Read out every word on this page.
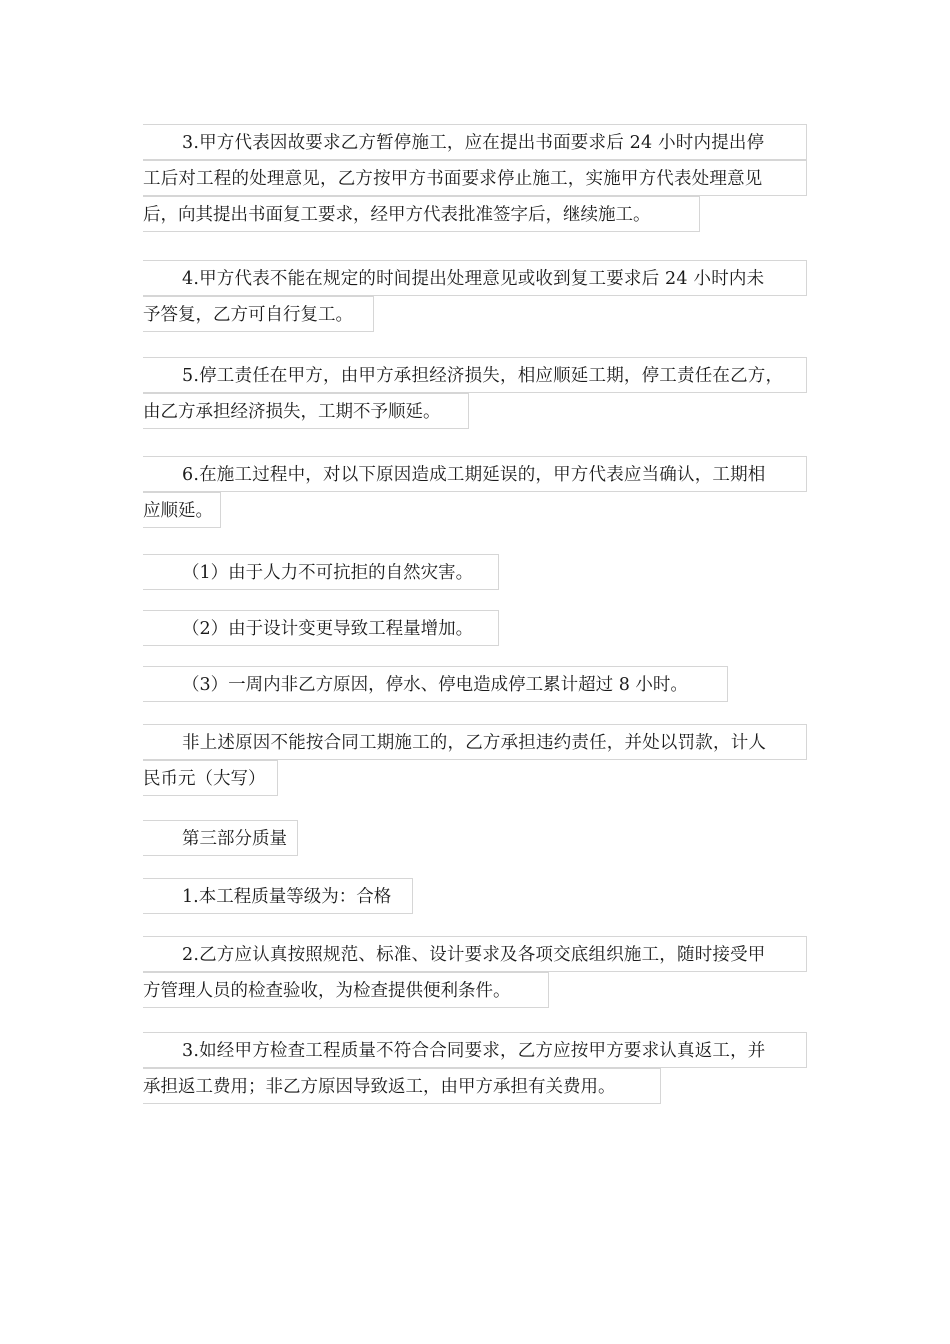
3.甲方代表因故要求乙方暂停施工，应在提出书面要求后 24 小时内提出停
工后对工程的处理意见，乙方按甲方书面要求停止施工，实施甲方代表处理意见
后，向其提出书面复工要求，经甲方代表批准签字后，继续施工。
4.甲方代表不能在规定的时间提出处理意见或收到复工要求后 24 小时内未
予答复，乙方可自行复工。
5.停工责任在甲方，由甲方承担经济损失，相应顺延工期，停工责任在乙方，
由乙方承担经济损失，工期不予顺延。
6.在施工过程中，对以下原因造成工期延误的，甲方代表应当确认，工期相
应顺延。
（1）由于人力不可抗拒的自然灾害。
（2）由于设计变更导致工程量增加。
（3）一周内非乙方原因，停水、停电造成停工累计超过 8 小时。
非上述原因不能按合同工期施工的，乙方承担违约责任，并处以罚款，计人
民币元（大写）
第三部分质量
1.本工程质量等级为：合格
2.乙方应认真按照规范、标准、设计要求及各项交底组织施工，随时接受甲
方管理人员的检查验收，为检查提供便利条件。
3.如经甲方检查工程质量不符合合同要求，乙方应按甲方要求认真返工，并
承担返工费用；非乙方原因导致返工，由甲方承担有关费用。
